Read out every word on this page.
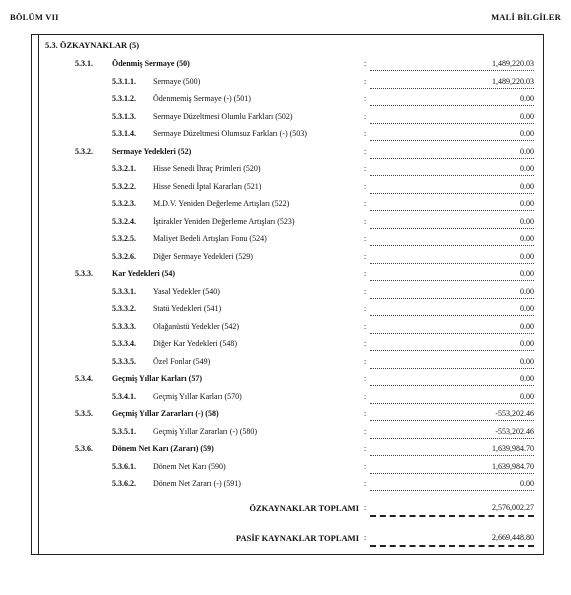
BÖLÜM VII	MALİ BİLGİLER
5.3. ÖZKAYNAKLAR (5)
5.3.1. Ödenmiş Sermaye (50)	:	1,489,220.03
5.3.1.1. Sermaye (500)	:	1,489,220.03
5.3.1.2. Ödenmemiş Sermaye (-) (501)	:	0.00
5.3.1.3. Sermaye Düzeltmesi Olumlu Farkları (502)	:	0.00
5.3.1.4. Sermaye Düzeltmesi Olumsuz Farkları (-) (503)	:	0.00
5.3.2. Sermaye Yedekleri (52)	:	0.00
5.3.2.1. Hisse Senedi İhraç Primleri (520)	:	0.00
5.3.2.2. Hisse Senedi İptal Kararları (521)	:	0.00
5.3.2.3. M.D.V. Yeniden Değerleme Artışları (522)	:	0.00
5.3.2.4. İştirakler Yeniden Değerleme Artışları (523)	:	0.00
5.3.2.5. Maliyet Bedeli Artışları Fonu (524)	:	0.00
5.3.2.6. Diğer Sermaye Yedekleri (529)	:	0.00
5.3.3. Kar Yedekleri (54)	:	0.00
5.3.3.1. Yasal Yedekler (540)	:	0.00
5.3.3.2. Statü Yedekleri (541)	:	0.00
5.3.3.3. Olağanüstü Yedekler (542)	:	0.00
5.3.3.4. Diğer Kar Yedekleri (548)	:	0.00
5.3.3.5. Özel Fonlar (549)	:	0.00
5.3.4. Geçmiş Yıllar Karları (57)	:	0.00
5.3.4.1. Geçmiş Yıllar Karları (570)	:	0.00
5.3.5. Geçmiş Yıllar Zararları (-) (58)	:	-553,202.46
5.3.5.1. Geçmiş Yıllar Zararları (-) (580)	:	-553,202.46
5.3.6. Dönem Net Karı (Zararı) (59)	:	1,639,984.70
5.3.6.1. Dönem Net Karı (590)	:	1,639,984.70
5.3.6.2. Dönem Net Zararı (-) (591)	:	0.00
ÖZKAYNAKLAR TOPLAMI :	2,576,002.27
PASİF KAYNAKLAR TOPLAMI :	2,669,448.80
